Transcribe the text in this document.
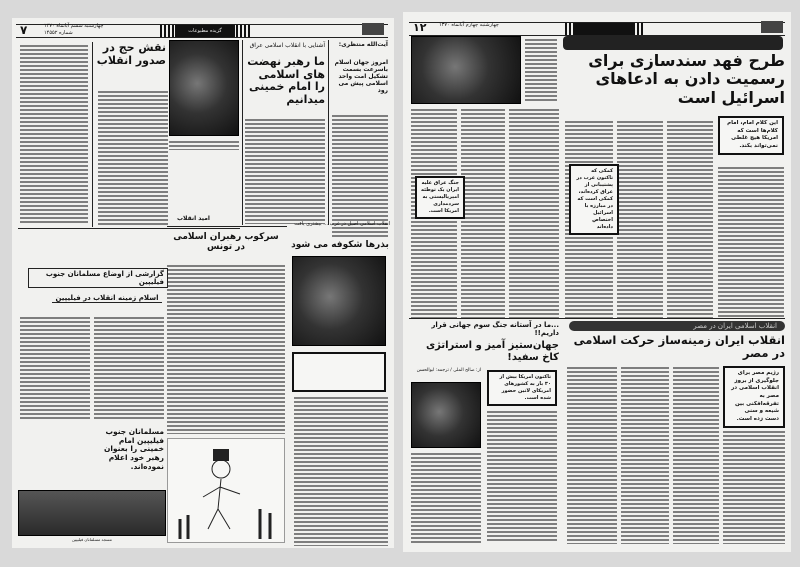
۷	چهارشنبه ششم آبانماه ۱۳۷۰
شماره ۱۴۵۵۲	گزیده مطبوعات
نقش حج در صدور انقلاب
آشنایی با انقلاب اسلامی عراق
ما رهبر نهضت های اسلامی را امام خمینی میدانیم
آیت‌الله منتظری:
امروز جهان اسلام باسرعت بسمت تشکیل امت واحد اسلامی پیش می رود
امید انقلاب
سرکوب رهبران اسلامی در تونس
انقلاب اسلامی اصیل در غرب ... بیشتری یافت
بذرها شکوفه می شود
گزارشی از اوضاع مسلمانان جنوب فیلیپین
اسلام زمینه انقلاب در فیلیپین
مسلمانان جنوب فیلیپین امام خمینی را بعنوان رهبر خود اعلام نموده‌اند.
مسجد مسلمانان فیلیپین
۱۲	چهارشنبه چهارم آبانماه ۱۳۷۰
طرح فهد سندسازی برای رسمیت دادن به ادعاهای اسرائیل است
این کلام امام، امام کلام‌ها است که امریکا هیچ غلطی نمی‌تواند بکند.
جنگ عراق علیه ایران یک توطئه امپریالیستی به سردمداری امریکا است.
کمکی که تاکنون عرب در پشتیبانی از عراق کرده‌اند، کمکی است که در مبارزه با اسرائیل اختصاص داده‌اند
...ما در آستانه جنگ سوم جهانی قرار داریم!!
جهان‌ستیز آمیز و استراتژی کاخ سفید!
از: صالح الملی / ترجمه: ابوالحسن
تاکنون امریکا بیش از ۳۰ بار به کشورهای امریکای لاتین حضور شده است.
انقلاب اسلامی ایران در مصر
انقلاب ایران زمینه‌ساز حرکت اسلامی در مصر
رژیم مصر برای جلوگیری از بروز انقلاب اسلامی در مصر به تفرقه‌افکنی بین شیعه و سنی دست زده است.
